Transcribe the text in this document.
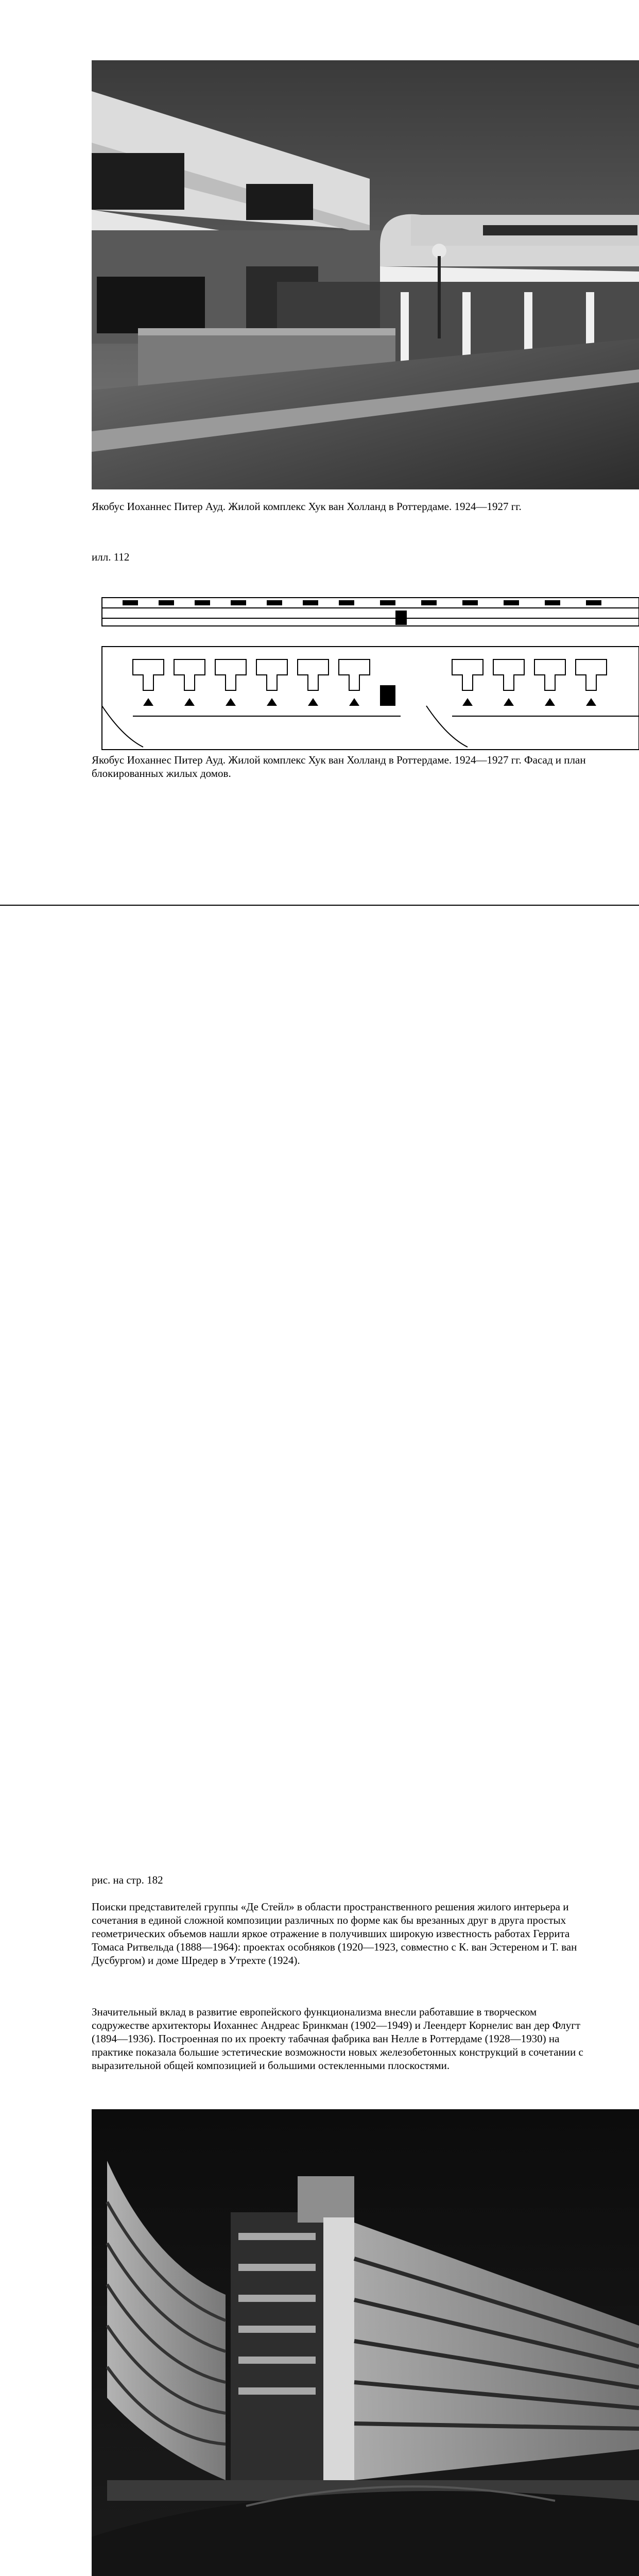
Якобус Иоханнес Питер Ауд. Жилой комплекс Хук ван Холланд в Роттердаме. 1924—1927 гг.

илл. 112

Якобус Иоханнес Питер Ауд. Жилой комплекс Хук ван Холланд в Роттердаме. 1924—1927 гг. Фасад и план блокированных жилых домов.

рис. на стр. 182

Поиски представителей группы «Де Стейл» в области пространственного решения жилого интерьера и сочетания в единой сложной композиции различных по форме как бы врезанных друг в друга простых геометрических объемов нашли яркое отражение в получивших широкую известность работах Геррита Томаса Ритвельда (1888—1964): проектах особняков (1920—1923, совместно с К. ван Эстереном и Т. ван Дусбургом) и доме Шредер в Утрехте (1924).

Значительный вклад в развитие европейского функционализма внесли работавшие в творческом содружестве архитекторы Иоханнес Андреас Бринкман (1902—1949) и Леендерт Корнелис ван дер Флугт (1894—1936). Построенная по их проекту табачная фабрика ван Нелле в Роттердаме (1928—1930) на практике показала большие эстетические возможности новых железобетонных конструкций в сочетании с выразительной общей композицией и большими остекленными плоскостями.
